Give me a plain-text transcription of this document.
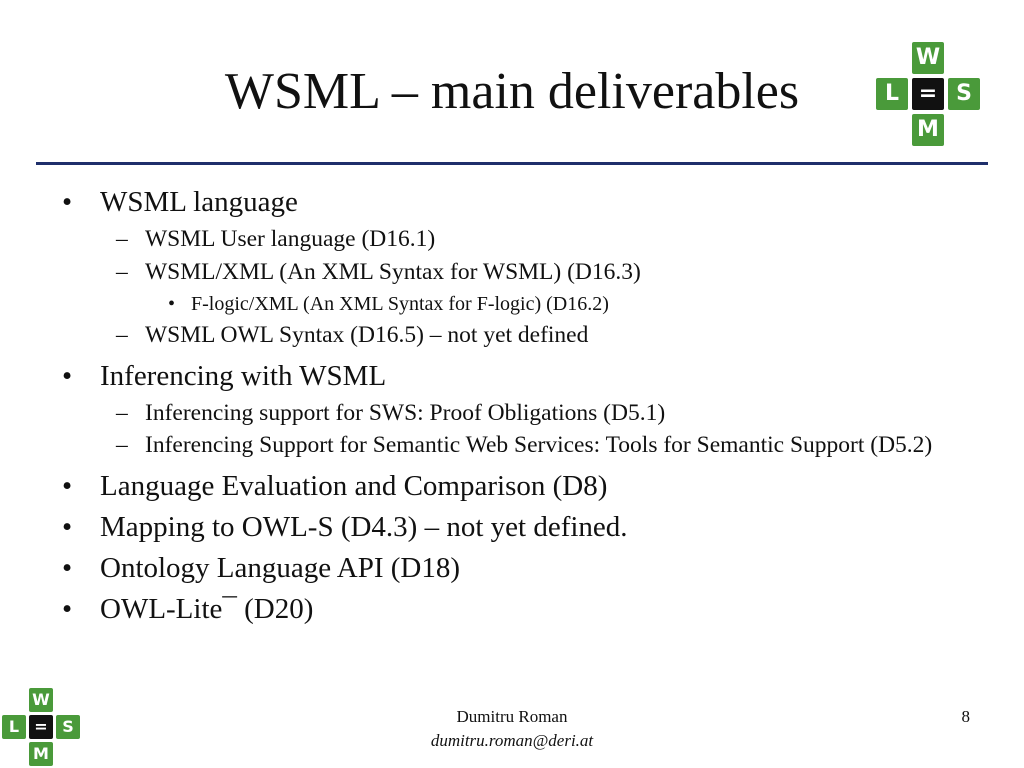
WSML – main deliverables
W
L = S
M
• WSML language
– WSML User language (D16.1)
– WSML/XML (An XML Syntax for WSML) (D16.3)
• F-logic/XML (An XML Syntax for F-logic) (D16.2)
– WSML OWL Syntax (D16.5) – not yet defined
• Inferencing with WSML
– Inferencing support for SWS: Proof Obligations (D5.1)
– Inferencing Support for Semantic Web Services: Tools for Semantic Support (D5.2)
• Language Evaluation and Comparison (D8)
• Mapping to OWL-S (D4.3) – not yet defined.
• Ontology Language API (D18)
• OWL-Lite¯ (D20)
W
L = S
M
Dumitru Roman
dumitru.roman@deri.at
8
